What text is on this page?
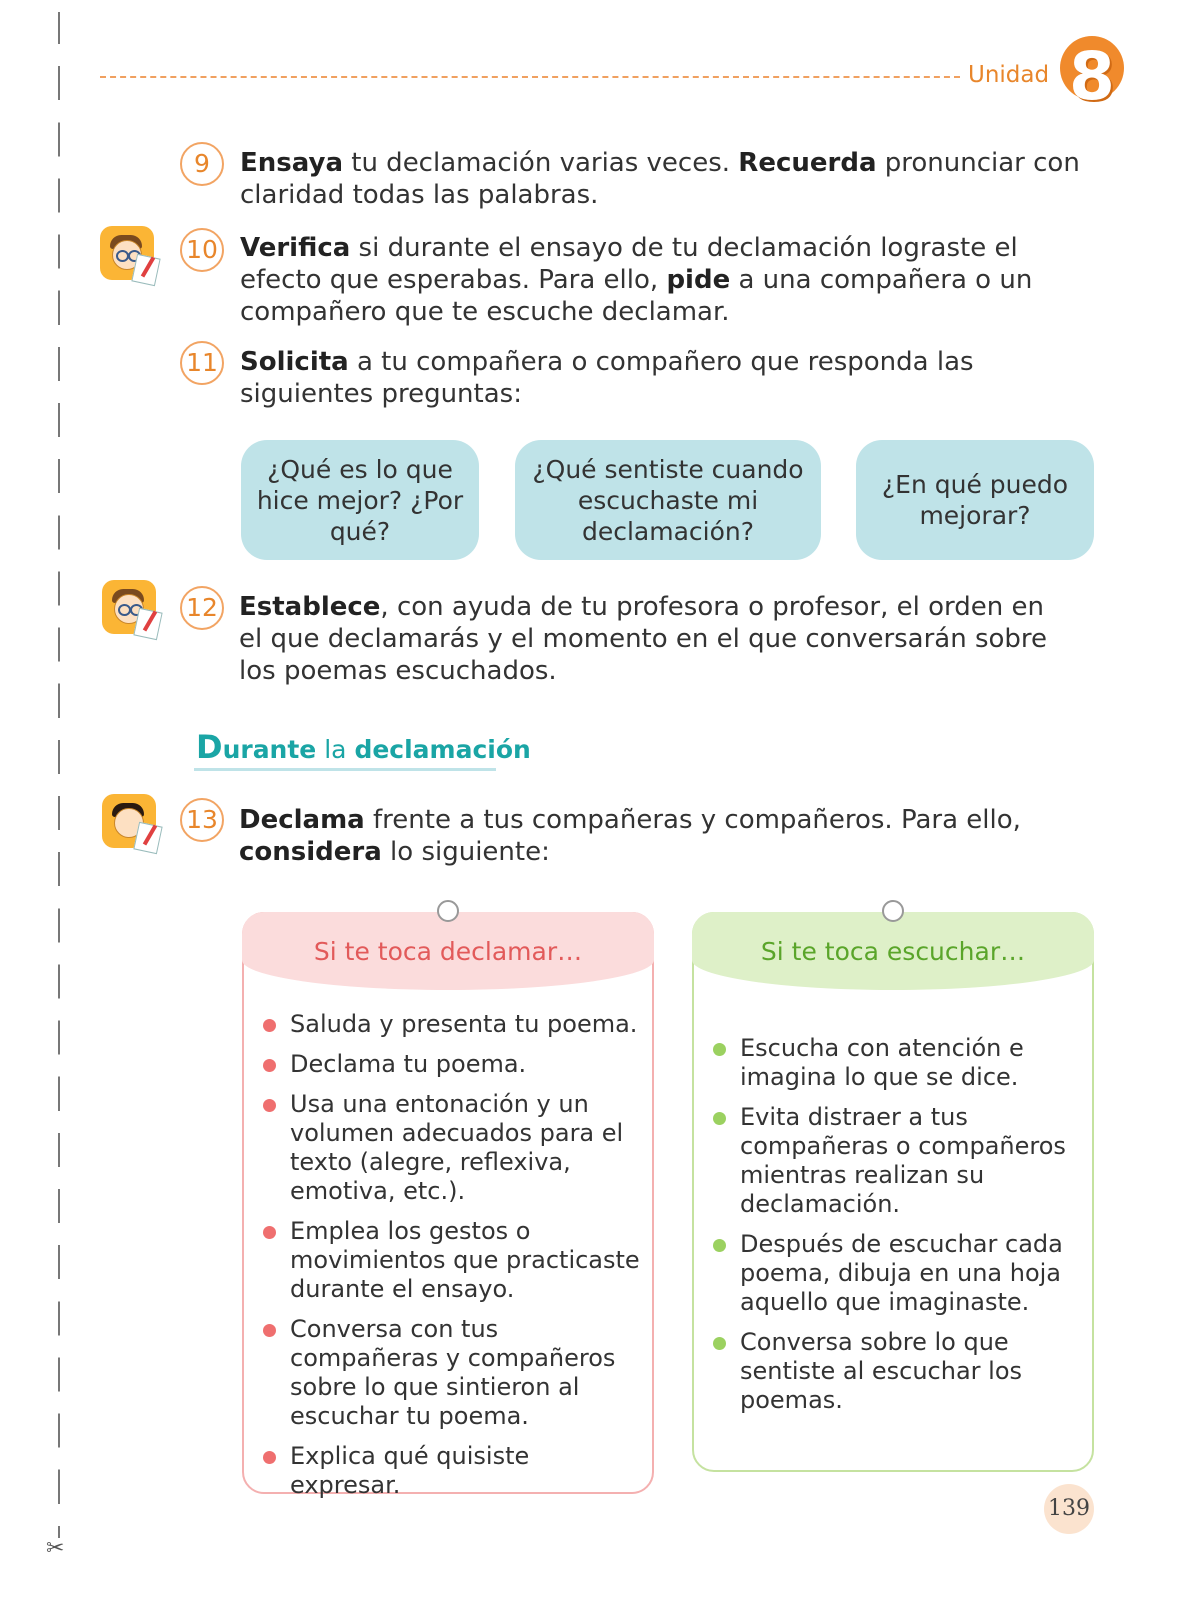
✂
Unidad 8
9	Ensaya tu declamación varias veces. Recuerda pronunciar con claridad todas las palabras.
10 Verifica si durante el ensayo de tu declamación lograste el efecto que esperabas. Para ello, pide a una compañera o un compañero que te escuche declamar.
11 Solicita a tu compañera o compañero que responda las siguientes preguntas:
¿Qué es lo que hice mejor? ¿Por qué?
¿Qué sentiste cuando escuchaste mi declamación?
¿En qué puedo mejorar?
12 Establece, con ayuda de tu profesora o profesor, el orden en el que declamarás y el momento en el que conversarán sobre los poemas escuchados.
Durante la declamación
13 Declama frente a tus compañeras y compañeros. Para ello, considera lo siguiente:
Si te toca declamar…
Saluda y presenta tu poema.
Declama tu poema.
Usa una entonación y un volumen adecuados para el texto (alegre, reflexiva, emotiva, etc.).
Emplea los gestos o movimientos que practicaste durante el ensayo.
Conversa con tus compañeras y compañeros sobre lo que sintieron al escuchar tu poema.
Explica qué quisiste expresar.
Si te toca escuchar…
Escucha con atención e imagina lo que se dice.
Evita distraer a tus compañeras o compañeros mientras realizan su declamación.
Después de escuchar cada poema, dibuja en una hoja aquello que imaginaste.
Conversa sobre lo que sentiste al escuchar los poemas.
139
